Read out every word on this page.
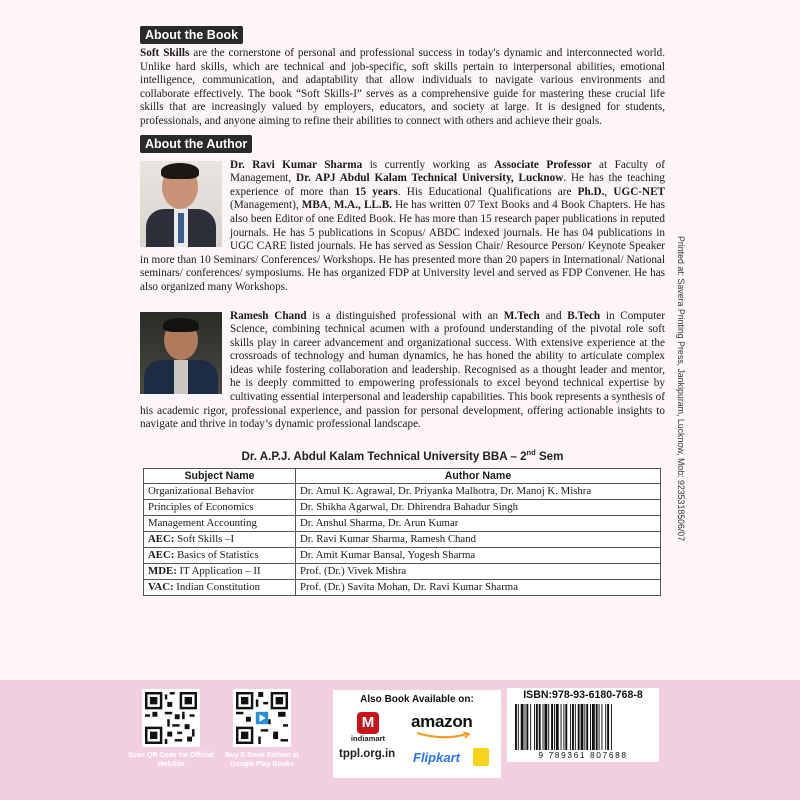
About the Book

Soft Skills are the cornerstone of personal and professional success in today's dynamic and interconnected world. Unlike hard skills, which are technical and job-specific, soft skills pertain to interpersonal abilities, emotional intelligence, communication, and adaptability that allow individuals to navigate various environments and collaborate effectively. The book “Soft Skills-I” serves as a comprehensive guide for mastering these crucial life skills that are increasingly valued by employers, educators, and society at large. It is designed for students, professionals, and anyone aiming to refine their abilities to connect with others and achieve their goals.

About the Author

Dr. Ravi Kumar Sharma is currently working as Associate Professor at Faculty of Management, Dr. APJ Abdul Kalam Technical University, Lucknow. He has the teaching experience of more than 15 years. His Educational Qualifications are Ph.D., UGC-NET (Management), MBA, M.A., LL.B. He has written 07 Text Books and 4 Book Chapters. He has also been Editor of one Edited Book. He has more than 15 research paper publications in reputed journals. He has 5 publications in Scopus/ ABDC indexed journals. He has 04 publications in UGC CARE listed journals. He has served as Session Chair/ Resource Person/ Keynote Speaker in more than 10 Seminars/ Conferences/ Workshops. He has presented more than 20 papers in International/ National seminars/ conferences/ symposiums. He has organized FDP at University level and served as FDP Convener. He has also organized many Workshops.

Ramesh Chand is a distinguished professional with an M.Tech and B.Tech in Computer Science, combining technical acumen with a profound understanding of the pivotal role soft skills play in career advancement and organizational success. With extensive experience at the crossroads of technology and human dynamics, he has honed the ability to articulate complex ideas while fostering collaboration and leadership. Recognised as a thought leader and mentor, he is deeply committed to empowering professionals to excel beyond technical expertise by cultivating essential interpersonal and leadership capabilities. This book represents a synthesis of his academic rigor, professional experience, and passion for personal development, offering actionable insights to navigate and thrive in today’s dynamic professional landscape.

Dr. A.P.J. Abdul Kalam Technical University BBA – 2nd Sem
Subject Name	Author Name
Organizational Behavior	Dr. Amul K. Agrawal, Dr. Priyanka Malhotra, Dr. Manoj K. Mishra
Principles of Economics	Dr. Shikha Agarwal, Dr. Dhirendra Bahadur Singh
Management Accounting	Dr. Anshul Sharma, Dr. Arun Kumar
AEC: Soft Skills –I	Dr. Ravi Kumar Sharma, Ramesh Chand
AEC: Basics of Statistics	Dr. Amit Kumar Bansal, Yogesh Sharma
MDE: IT Application – II	Prof. (Dr.) Vivek Mishra
VAC: Indian Constitution	Prof. (Dr.) Savita Mohan, Dr. Ravi Kumar Sharma
Printed at: Savera Printing Press, Jankipuram, Lucknow, Mob: 9235318506/07
Scan QR Code for Official WebSite
Buy E-Book Edition at Google Play Books
Also Book Available on:
M
indiamart
tppl.org.in
amazon
Flipkart
ISBN:978-93-6180-768-8
9 789361 807688
